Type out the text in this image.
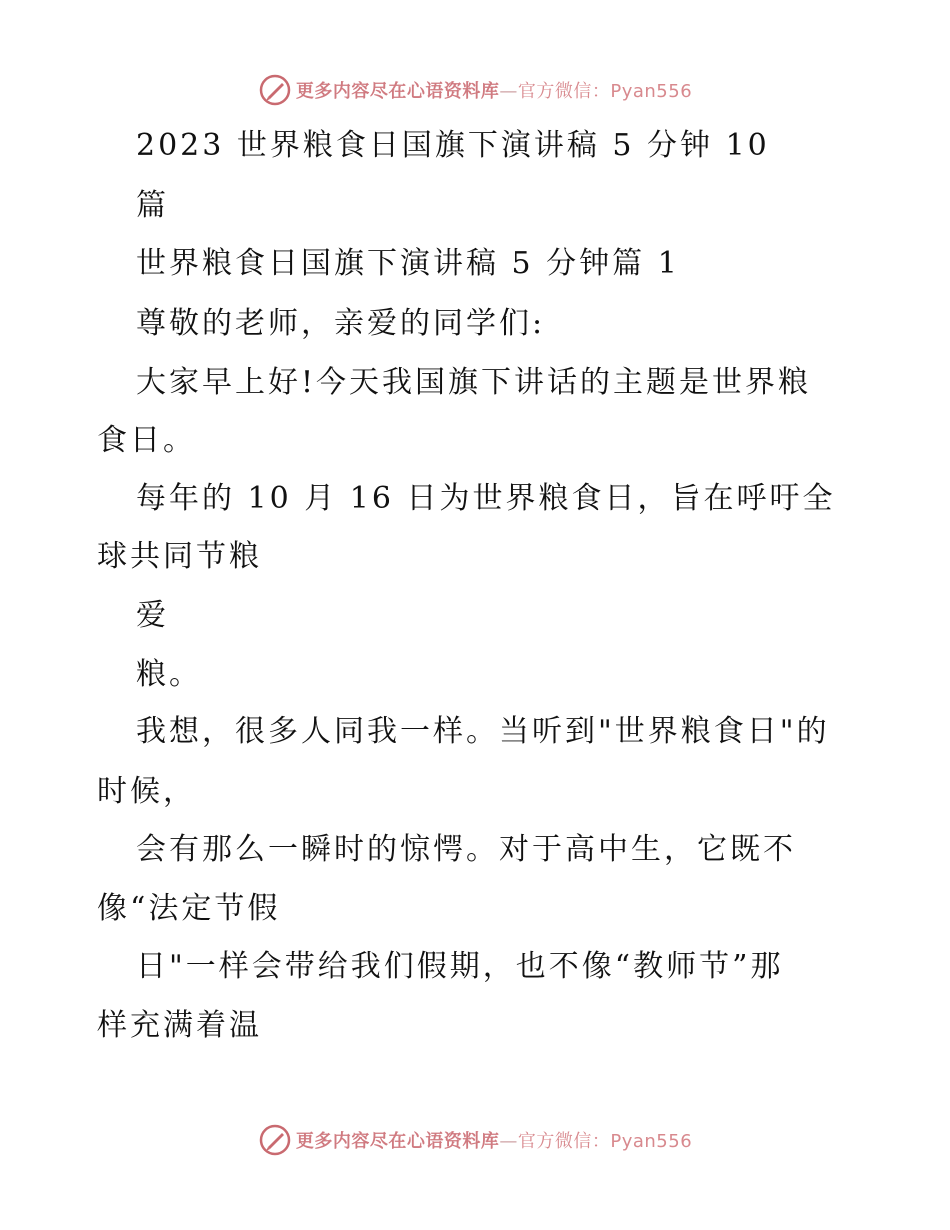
更多内容尽在心语资料库—官方微信：Pyan556
2023 世界粮食日国旗下演讲稿 5 分钟 10
篇
世界粮食日国旗下演讲稿 5 分钟篇 1
尊敬的老师，亲爱的同学们:
大家早上好!今天我国旗下讲话的主题是世界粮
食日。
每年的 10 月 16 日为世界粮食日，旨在呼吁全
球共同节粮
爱
粮。
我想，很多人同我一样。当听到"世界粮食日"的
时候，
会有那么一瞬时的惊愕。对于高中生，它既不
像“法定节假
日"一样会带给我们假期，也不像“教师节”那
样充满着温
更多内容尽在心语资料库—官方微信：Pyan556
